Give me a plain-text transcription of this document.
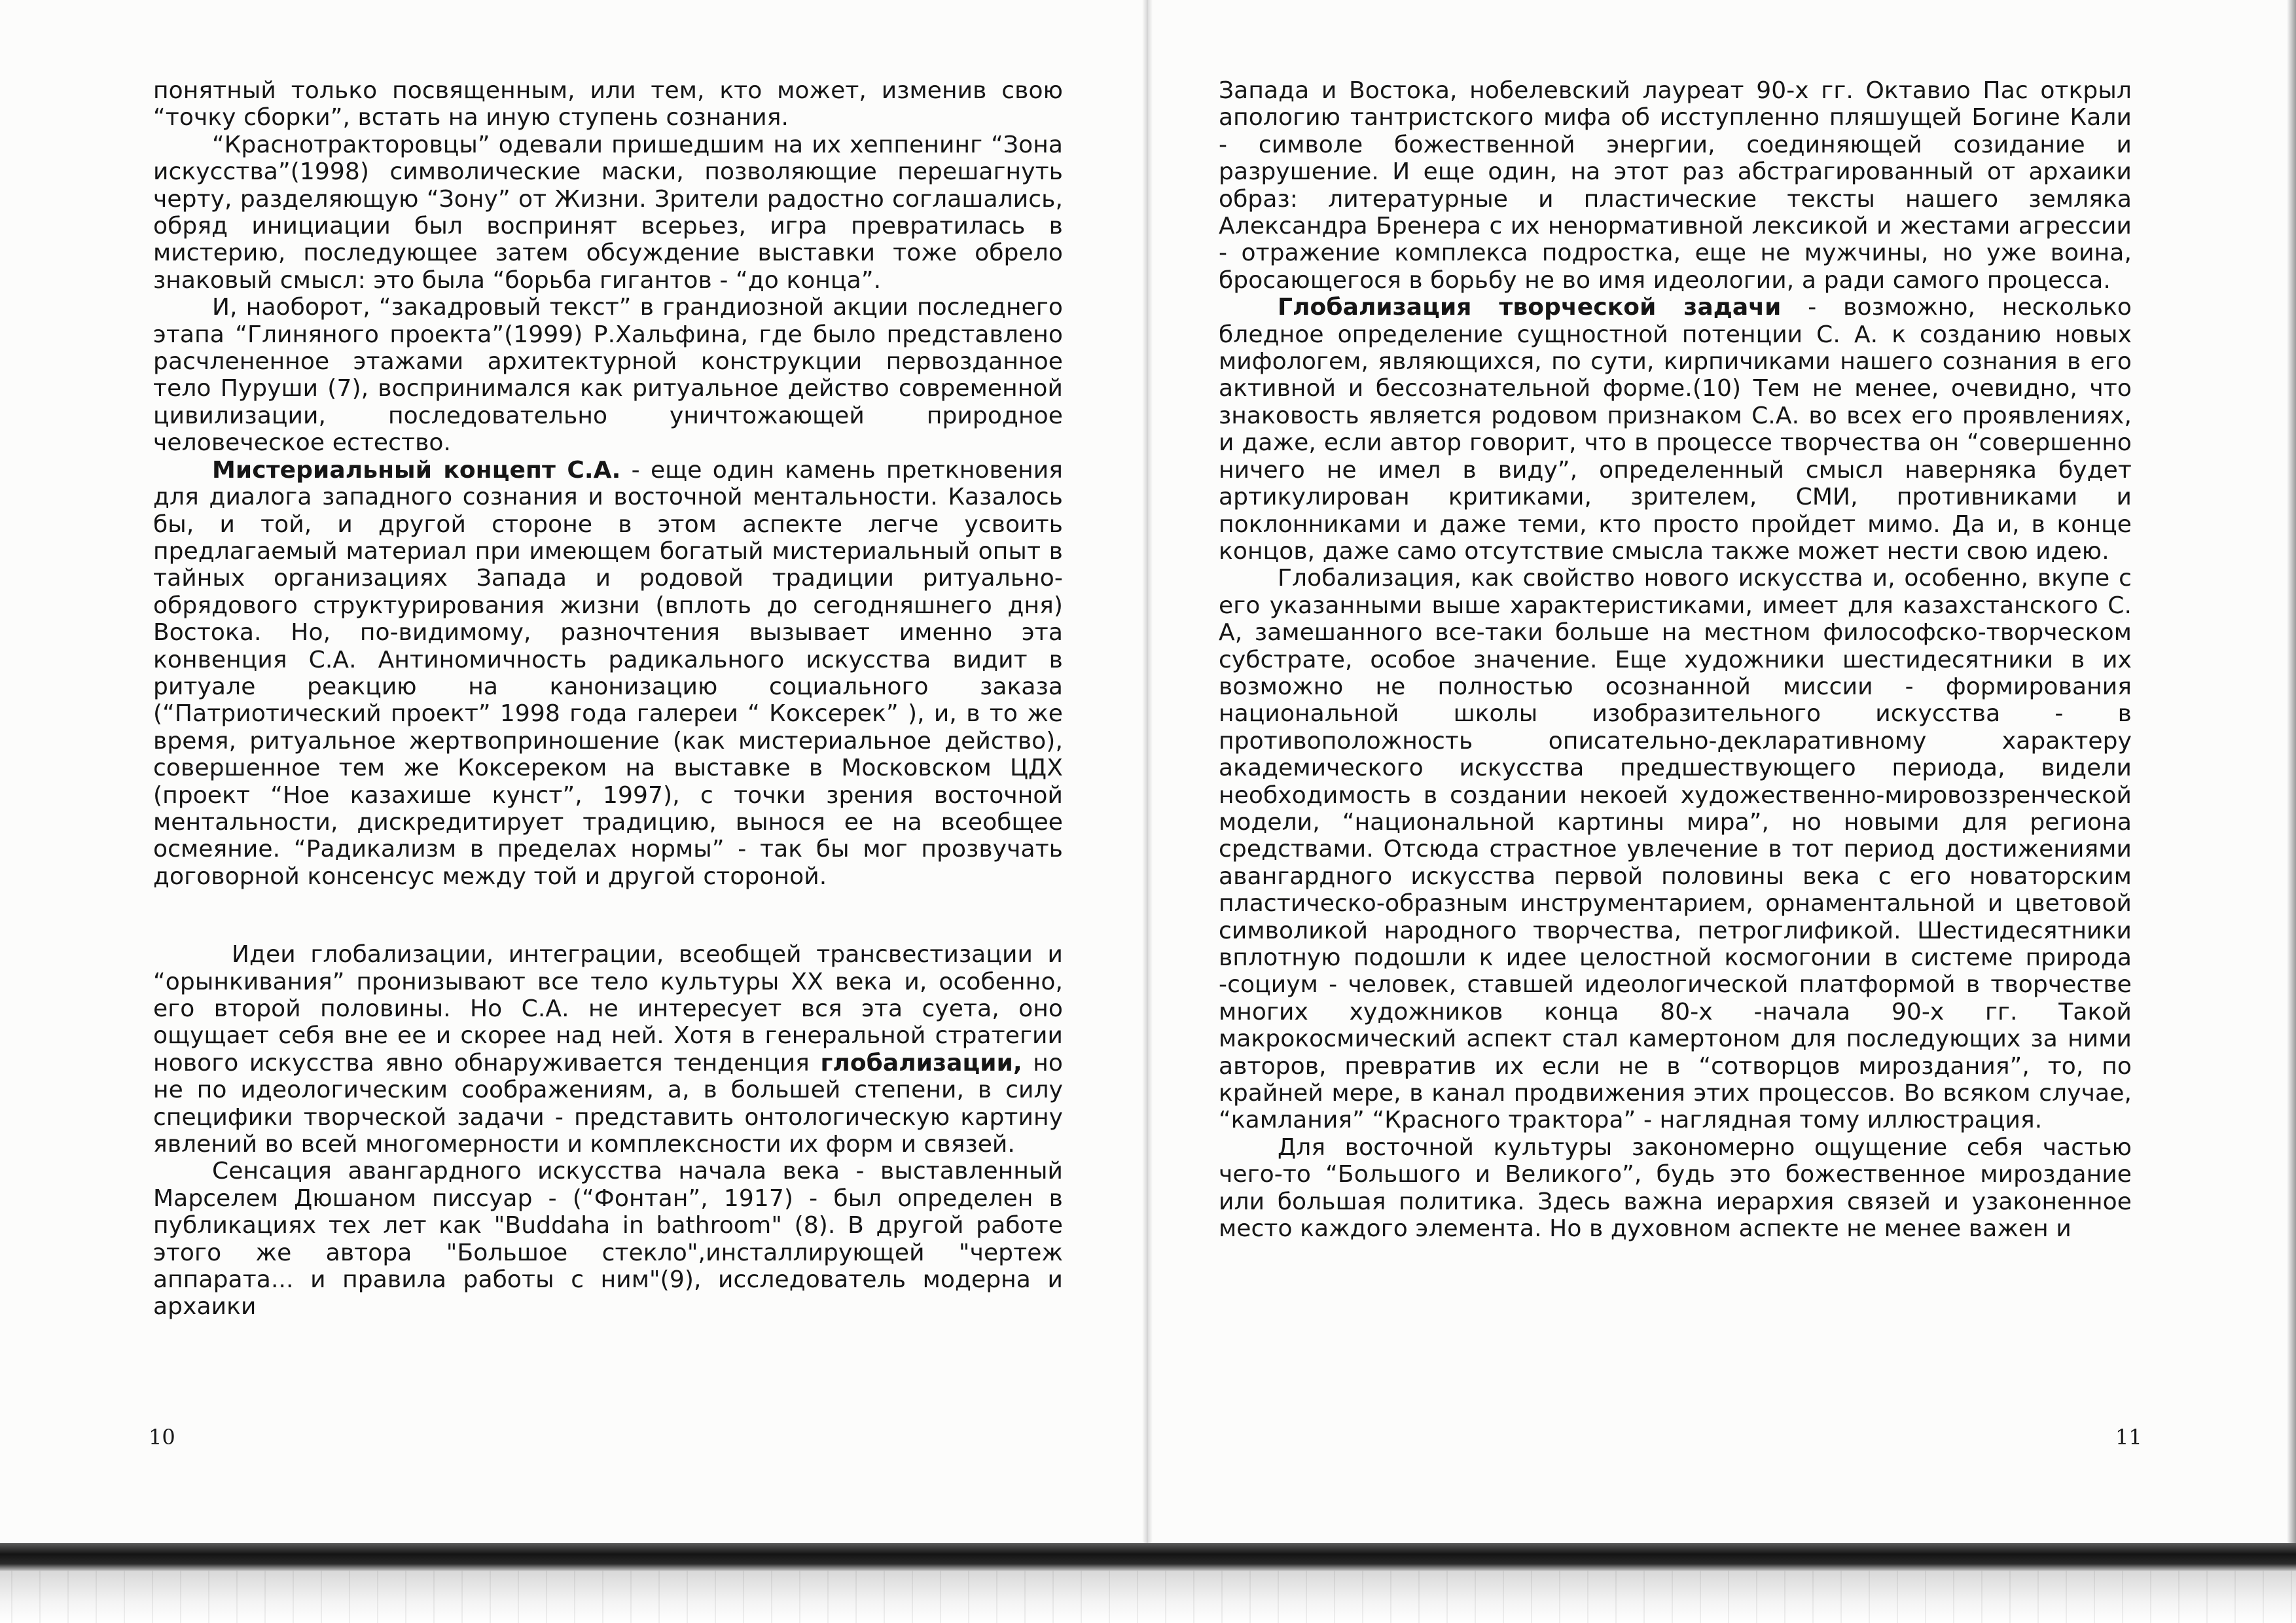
понятный только посвященным, или тем, кто может, изменив свою “точку сборки”, встать на иную ступень сознания.

“Краснотракторовцы” одевали пришедшим на их хеппенинг “Зона искусства”(1998) символические маски, позволяющие перешагнуть черту, разделяющую “Зону” от Жизни. Зрители радостно соглашались, обряд инициации был воспринят всерьез, игра превратилась в мистерию, последующее затем обсуждение выставки тоже обрело знаковый смысл: это была “борьба гигантов - “до конца”.

И, наоборот, “закадровый текст” в грандиозной акции последнего этапа “Глиняного проекта”(1999) Р.Хальфина, где было представлено расчлененное этажами архитектурной конструкции первозданное тело Пуруши (7), воспринимался как ритуальное действо современной цивилизации, последовательно уничтожающей природное человеческое естество.

Мистериальный концепт С.А. - еще один камень преткновения для диалога западного сознания и восточной ментальности. Казалось бы, и той, и другой стороне в этом аспекте легче усвоить предлагаемый материал при имеющем богатый мистериальный опыт в тайных организациях Запада и родовой традиции ритуально-обрядового структурирования жизни (вплоть до сегодняшнего дня) Востока. Но, по-видимому, разночтения вызывает именно эта конвенция С.А. Антиномичность радикального искусства видит в ритуале реакцию на канонизацию социального заказа (“Патриотический проект” 1998 года галереи “ Коксерек” ), и, в то же время, ритуальное жертвоприношение (как мистериальное действо), совершенное тем же Коксереком на выставке в Московском ЦДХ (проект “Ное казахише кунст”, 1997), с точки зрения восточной ментальности, дискредитирует традицию, вынося ее на всеобщее осмеяние. “Радикализм в пределах нормы” - так бы мог прозвучать договорной консенсус между той и другой стороной.

Идеи глобализации, интеграции, всеобщей трансвестизации и “орынкивания” пронизывают все тело культуры XX века и, особенно, его второй половины. Но С.А. не интересует вся эта суета, оно ощущает себя вне ее и скорее над ней. Хотя в генеральной стратегии нового искусства явно обнаруживается тенденция глобализации, но не по идеологическим соображениям, а, в большей степени, в силу специфики творческой задачи - представить онтологическую картину явлений во всей многомерности и комплексности их форм и связей.

Сенсация авангардного искусства начала века - выставленный Марселем Дюшаном писсуар - (“Фонтан”, 1917) - был определен в публикациях тех лет как "Buddaha in bathroom" (8). В другой работе этого же автора "Большое стекло",инсталлирующей "чертеж аппарата... и правила работы с ним"(9), исследователь модерна и архаики

10

Запада и Востока, нобелевский лауреат 90-х гг. Октавио Пас открыл апологию тантристского мифа об исступленно пляшущей Богине Кали - символе божественной энергии, соединяющей созидание и разрушение. И еще один, на этот раз абстрагированный от архаики образ: литературные и пластические тексты нашего земляка Александра Бренера с их ненормативной лексикой и жестами агрессии - отражение комплекса подростка, еще не мужчины, но уже воина, бросающегося в борьбу не во имя идеологии, а ради самого процесса.

Глобализация творческой задачи - возможно, несколько бледное определение сущностной потенции С. А. к созданию новых мифологем, являющихся, по сути, кирпичиками нашего сознания в его активной и бессознательной форме.(10) Тем не менее, очевидно, что знаковость является родовом признаком С.А. во всех его проявлениях, и даже, если автор говорит, что в процессе творчества он “совершенно ничего не имел в виду”, определенный смысл наверняка будет артикулирован критиками, зрителем, СМИ, противниками и поклонниками и даже теми, кто просто пройдет мимо. Да и, в конце концов, даже само отсутствие смысла также может нести свою идею.

Глобализация, как свойство нового искусства и, особенно, вкупе с его указанными выше характеристиками, имеет для казахстанского С. А, замешанного все-таки больше на местном философско-творческом субстрате, особое значение. Еще художники шестидесятники в их возможно не полностью осознанной миссии - формирования национальной школы изобразительного искусства - в противоположность описательно-декларативному характеру академического искусства предшествующего периода, видели необходимость в создании некоей художественно-мировоззренческой модели, “национальной картины мира”, но новыми для региона средствами. Отсюда страстное увлечение в тот период достижениями авангардного искусства первой половины века с его новаторским пластическо-образным инструментарием, орнаментальной и цветовой символикой народного творчества, петроглификой. Шестидесятники вплотную подошли к идее целостной космогонии в системе природа -социум - человек, ставшей идеологической платформой в творчестве многих художников конца 80-х -начала 90-х гг. Такой макрокосмический аспект стал камертоном для последующих за ними авторов, превратив их если не в “сотворцов мироздания”, то, по крайней мере, в канал продвижения этих процессов. Во всяком случае, “камлания” “Красного трактора” - наглядная тому иллюстрация.

Для восточной культуры закономерно ощущение себя частью чего-то “Большого и Великого”, будь это божественное мироздание или большая политика. Здесь важна иерархия связей и узаконенное место каждого элемента. Но в духовном аспекте не менее важен и

11
